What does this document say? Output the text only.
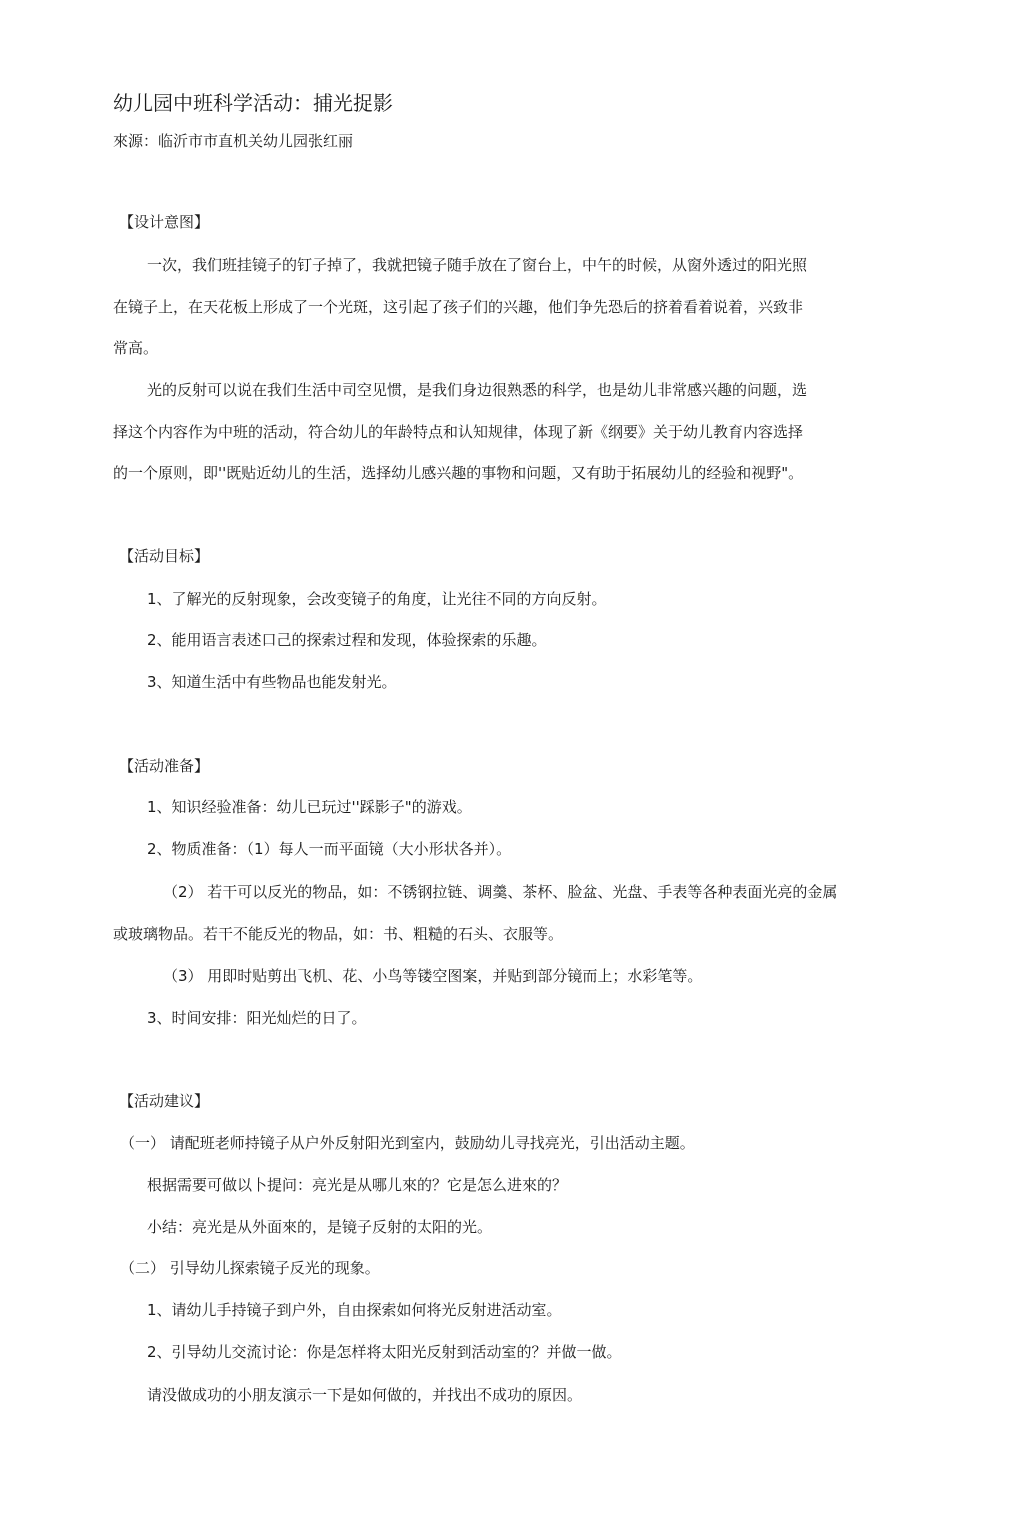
幼儿园中班科学活动：捕光捉影
來源：临沂市市直机关幼儿园张红丽
【设计意图】
一次，我们班挂镜子的钉子掉了，我就把镜子随手放在了窗台上，中午的时候，从窗外透过的阳光照
在镜子上，在天花板上形成了一个光斑，这引起了孩子们的兴趣，他们争先恐后的挤着看着说着，兴致非
常高。
光的反射可以说在我们生活中司空见惯，是我们身边很熟悉的科学，也是幼儿非常感兴趣的问题，选
择这个内容作为中班的活动，符合幼儿的年龄特点和认知规律，体现了新《纲要》关于幼儿教育内容选择
的一个原则，即''既贴近幼儿的生活，选择幼儿感兴趣的事物和问题，又有助于拓展幼儿的经验和视野"。
【活动目标】
1、了解光的反射现象，会改变镜子的角度，让光往不同的方向反射。
2、能用语言表述口己的探索过程和发现，体验探索的乐趣。
3、知道生活中有些物品也能发射光。
【活动准备】
1、知识经验准备：幼儿已玩过''踩影子"的游戏。
2、物质准备：（1）每人一而平面镜（大小形状各并）。
（2） 若干可以反光的物品，如：不锈钢拉链、调羹、茶杯、脸盆、光盘、手表等各种表面光亮的金属
或玻璃物品。若干不能反光的物品，如：书、粗糙的石头、衣服等。
（3） 用即时贴剪出飞机、花、小鸟等镂空图案，并贴到部分镜而上；水彩笔等。
3、时间安排：阳光灿烂的日了。
【活动建议】
（一） 请配班老师持镜子从户外反射阳光到室内，鼓励幼儿寻找亮光，引出活动主题。
根据需要可做以卜提问：亮光是从哪儿來的？它是怎么进來的？
小结：亮光是从外面來的，是镜子反射的太阳的光。
（二） 引导幼儿探索镜子反光的现象。
1、请幼儿手持镜子到户外，自由探索如何将光反射进活动室。
2、引导幼儿交流讨论：你是怎样将太阳光反射到活动室的？并做一做。
请没做成功的小朋友演示一下是如何做的，并找出不成功的原因。
